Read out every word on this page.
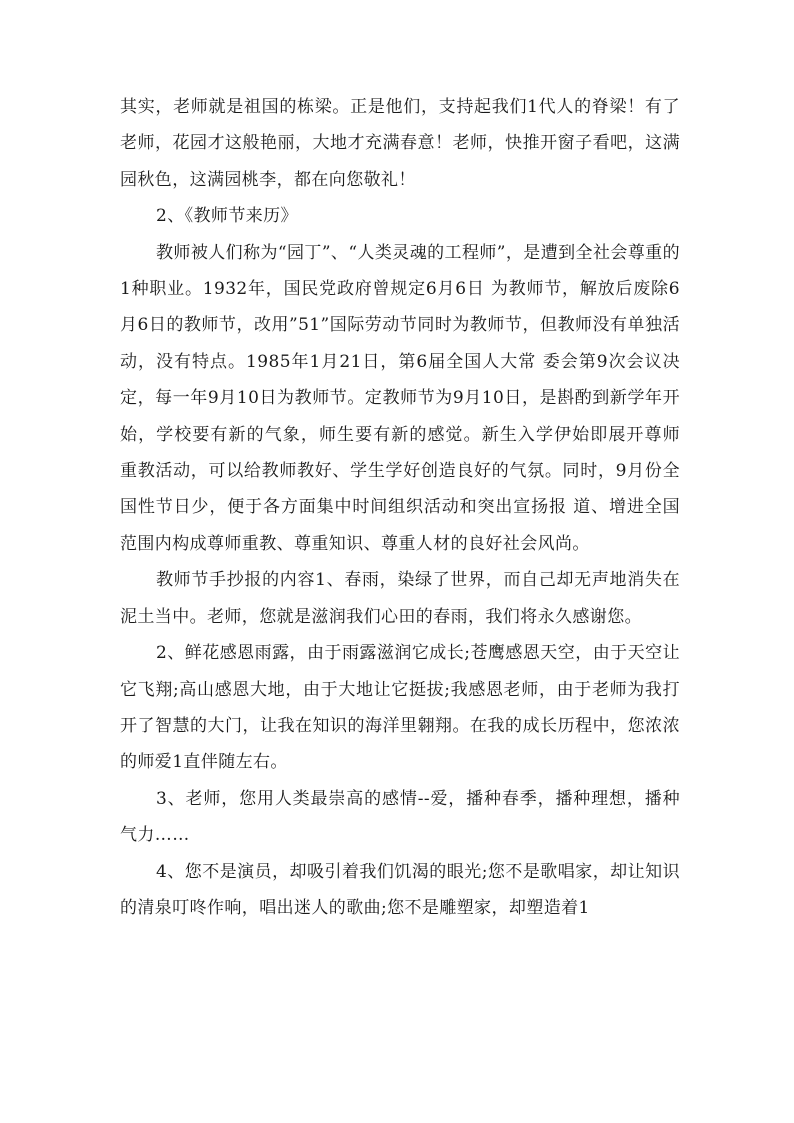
其实，老师就是祖国的栋梁。正是他们，支持起我们1代人的脊梁！有了老师，花园才这般艳丽，大地才充满春意！老师，快推开窗子看吧，这满园秋色，这满园桃李，都在向您敬礼！

2、《教师节来历》

教师被人们称为“园丁”、“人类灵魂的工程师”，是遭到全社会尊重的1种职业。1932年，国民党政府曾规定6月6日 为教师节，解放后废除6月6日的教师节，改用”51”国际劳动节同时为教师节，但教师没有单独活动，没有特点。1985年1月21日，第6届全国人大常 委会第9次会议决定，每一年9月10日为教师节。定教师节为9月10日，是斟酌到新学年开始，学校要有新的气象，师生要有新的感觉。新生入学伊始即展开尊师 重教活动，可以给教师教好、学生学好创造良好的气氛。同时，9月份全国性节日少，便于各方面集中时间组织活动和突出宣扬报 道、增进全国范围内构成尊师重教、尊重知识、尊重人材的良好社会风尚。

教师节手抄报的内容1、春雨，染绿了世界，而自己却无声地消失在泥土当中。老师，您就是滋润我们心田的春雨，我们将永久感谢您。

2、鲜花感恩雨露，由于雨露滋润它成长;苍鹰感恩天空，由于天空让它飞翔;高山感恩大地，由于大地让它挺拔;我感恩老师，由于老师为我打开了智慧的大门，让我在知识的海洋里翱翔。在我的成长历程中，您浓浓的师爱1直伴随左右。

3、老师，您用人类最崇高的感情--爱，播种春季，播种理想，播种气力……

4、您不是演员，却吸引着我们饥渴的眼光;您不是歌唱家，却让知识的清泉叮咚作响，唱出迷人的歌曲;您不是雕塑家，却塑造着1
